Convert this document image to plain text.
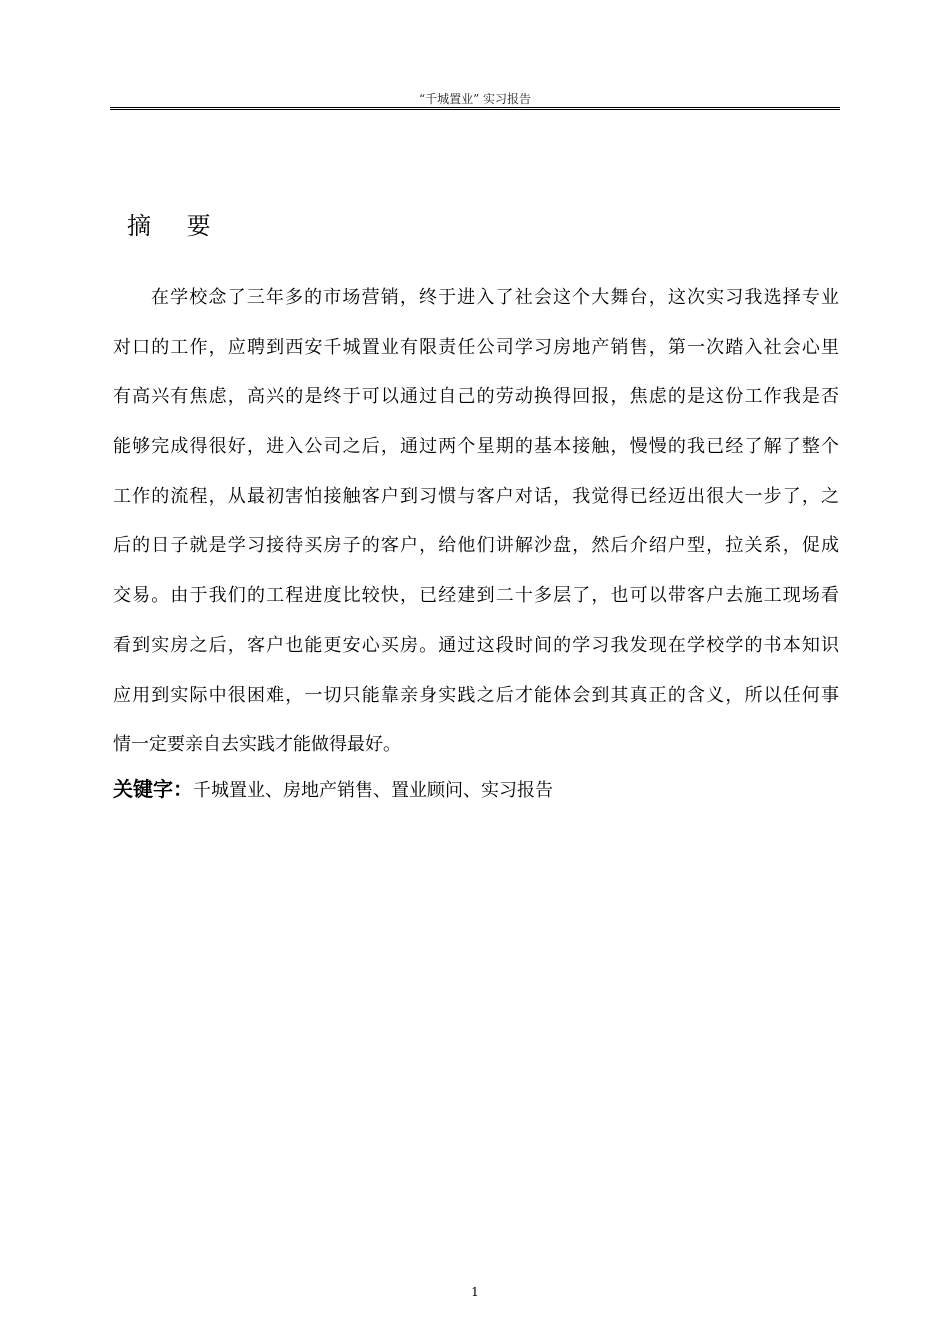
“千城置业” 实习报告
摘 要
在学校念了三年多的市场营销，终于进入了社会这个大舞台，这次实习我选择专业
对口的工作，应聘到西安千城置业有限责任公司学习房地产销售，第一次踏入社会心里
有高兴有焦虑，高兴的是终于可以通过自己的劳动换得回报，焦虑的是这份工作我是否
能够完成得很好，进入公司之后，通过两个星期的基本接触，慢慢的我已经了解了整个
工作的流程，从最初害怕接触客户到习惯与客户对话，我觉得已经迈出很大一步了，之
后的日子就是学习接待买房子的客户，给他们讲解沙盘，然后介绍户型，拉关系，促成
交易。由于我们的工程进度比较快，已经建到二十多层了，也可以带客户去施工现场看
看到实房之后，客户也能更安心买房。通过这段时间的学习我发现在学校学的书本知识
应用到实际中很困难，一切只能靠亲身实践之后才能体会到其真正的含义，所以任何事
情一定要亲自去实践才能做得最好。
关键字：千城置业、房地产销售、置业顾问、实习报告
1
